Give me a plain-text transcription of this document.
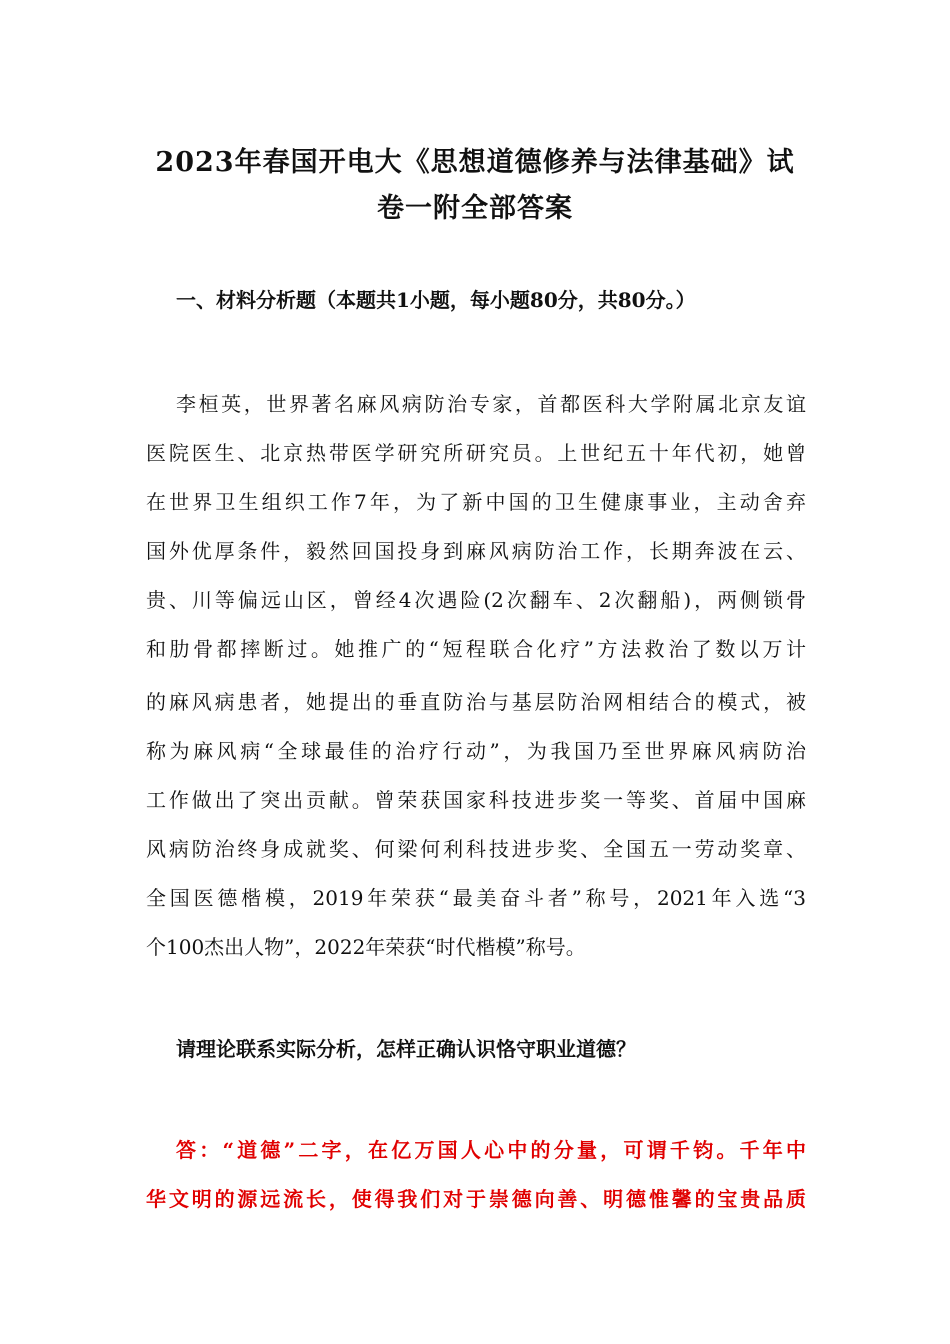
2023年春国开电大《思想道德修养与法律基础》试
卷一附全部答案
一、材料分析题（本题共1小题，每小题80分，共80分。）
李桓英，世界著名麻风病防治专家，首都医科大学附属北京友谊
医院医生、北京热带医学研究所研究员。上世纪五十年代初，她曾
在世界卫生组织工作7年，为了新中国的卫生健康事业，主动舍弃
国外优厚条件，毅然回国投身到麻风病防治工作，长期奔波在云、
贵、川等偏远山区，曾经4次遇险(2次翻车、2次翻船)，两侧锁骨
和肋骨都摔断过。她推广的“短程联合化疗”方法救治了数以万计
的麻风病患者，她提出的垂直防治与基层防治网相结合的模式，被
称为麻风病“全球最佳的治疗行动”，为我国乃至世界麻风病防治
工作做出了突出贡献。曾荣获国家科技进步奖一等奖、首届中国麻
风病防治终身成就奖、何梁何利科技进步奖、全国五一劳动奖章、
全国医德楷模，2019年荣获“最美奋斗者”称号，2021年入选“3
个100杰出人物”，2022年荣获“时代楷模”称号。
请理论联系实际分析，怎样正确认识恪守职业道德？
答：“道德”二字，在亿万国人心中的分量，可谓千钧。千年中
华文明的源远流长，使得我们对于崇德向善、明德惟馨的宝贵品质
